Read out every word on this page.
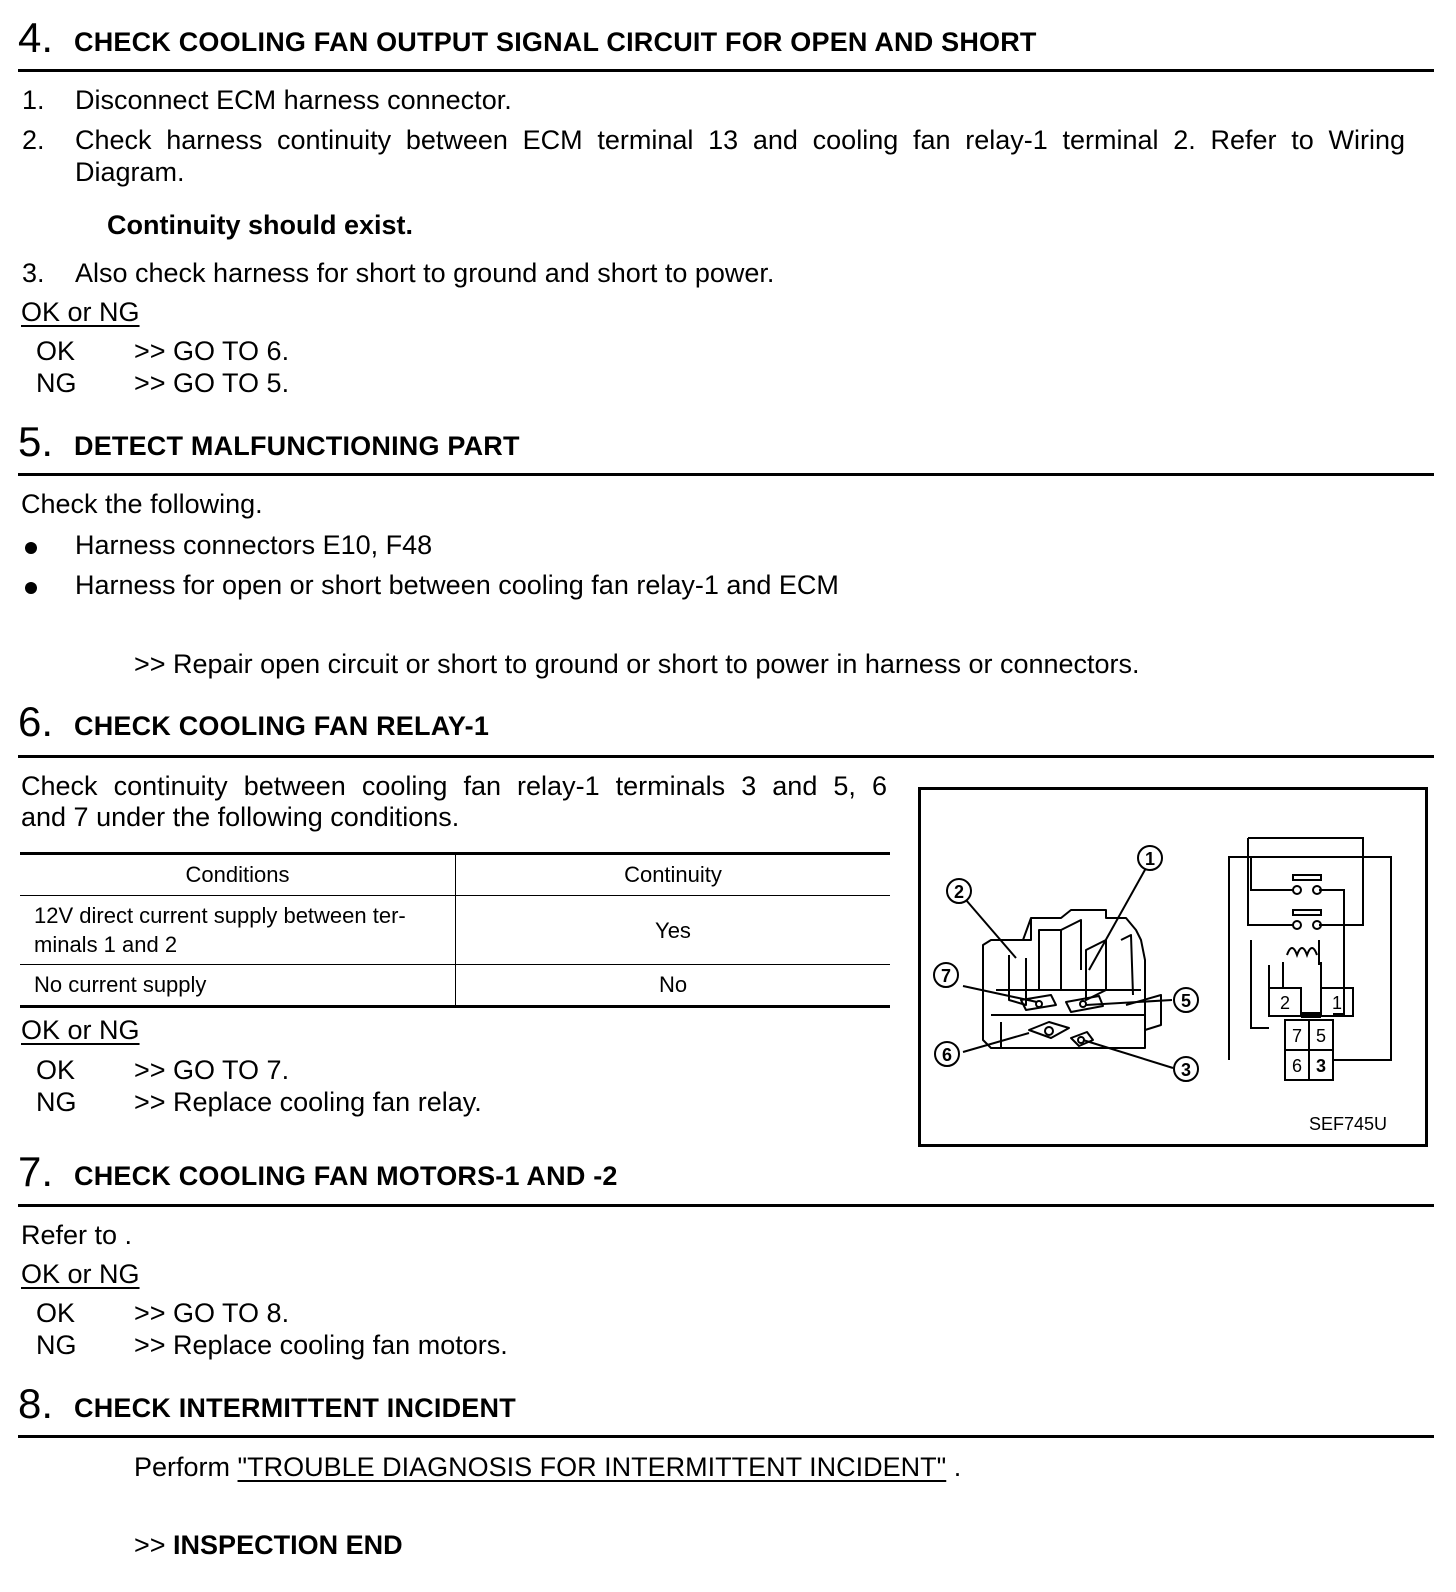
4. CHECK COOLING FAN OUTPUT SIGNAL CIRCUIT FOR OPEN AND SHORT
1. Disconnect ECM harness connector.
2. Check harness continuity between ECM terminal 13 and cooling fan relay-1 terminal 2. Refer to Wiring
Diagram.
Continuity should exist.
3. Also check harness for short to ground and short to power.
OK or NG
OK >> GO TO 6.
NG >> GO TO 5.
5. DETECT MALFUNCTIONING PART
Check the following.
Harness connectors E10, F48
Harness for open or short between cooling fan relay-1 and ECM
>> Repair open circuit or short to ground or short to power in harness or connectors.
6. CHECK COOLING FAN RELAY-1
Check continuity between cooling fan relay-1 terminals 3 and 5, 6
and 7 under the following conditions.
Conditions	Continuity

12V direct current supply between ter-
minals 1 and 2	Yes
No current supply	No
OK or NG
OK >> GO TO 7.
NG >> Replace cooling fan relay.
1
2
7
5
6
3
2 1
7 5
6 3
SEF745U
7. CHECK COOLING FAN MOTORS-1 AND -2
Refer to .
OK or NG
OK >> GO TO 8.
NG >> Replace cooling fan motors.
8. CHECK INTERMITTENT INCIDENT
Perform "TROUBLE DIAGNOSIS FOR INTERMITTENT INCIDENT" .
>> INSPECTION END
